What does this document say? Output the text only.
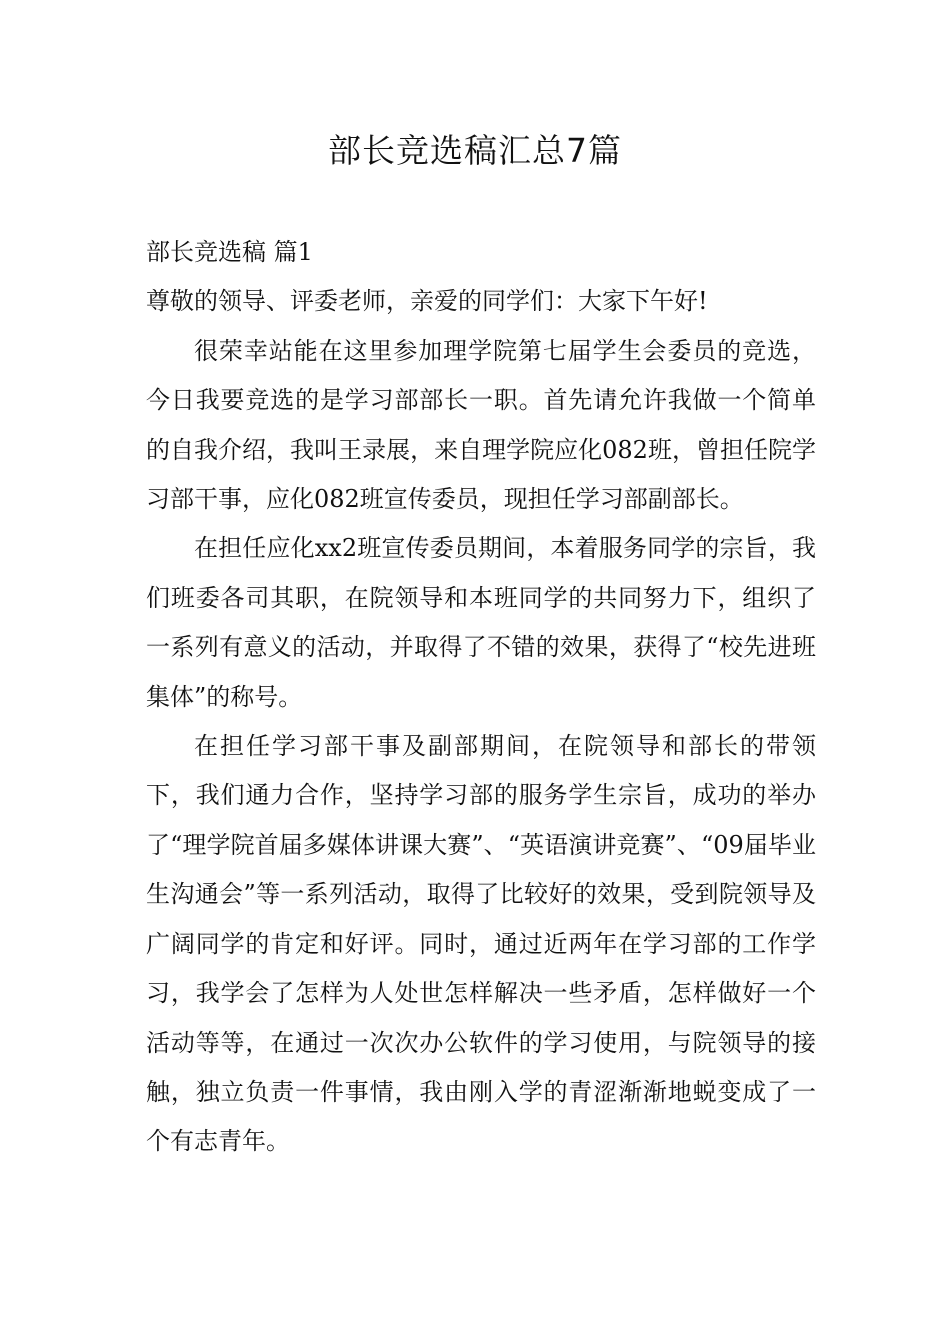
部长竞选稿汇总7篇

部长竞选稿 篇1

尊敬的领导、评委老师，亲爱的同学们：大家下午好!

很荣幸站能在这里参加理学院第七届学生会委员的竞选，今日我要竞选的是学习部部长一职。首先请允许我做一个简单的自我介绍，我叫王录展，来自理学院应化082班，曾担任院学习部干事，应化082班宣传委员，现担任学习部副部长。

在担任应化xx2班宣传委员期间，本着服务同学的宗旨，我们班委各司其职，在院领导和本班同学的共同努力下，组织了一系列有意义的活动，并取得了不错的效果，获得了“校先进班集体”的称号。

在担任学习部干事及副部期间，在院领导和部长的带领下，我们通力合作，坚持学习部的服务学生宗旨，成功的举办了“理学院首届多媒体讲课大赛”、“英语演讲竞赛”、“09届毕业生沟通会”等一系列活动，取得了比较好的效果，受到院领导及广阔同学的肯定和好评。同时，通过近两年在学习部的工作学习，我学会了怎样为人处世怎样解决一些矛盾，怎样做好一个活动等等，在通过一次次办公软件的学习使用，与院领导的接触，独立负责一件事情，我由刚入学的青涩渐渐地蜕变成了一个有志青年。
